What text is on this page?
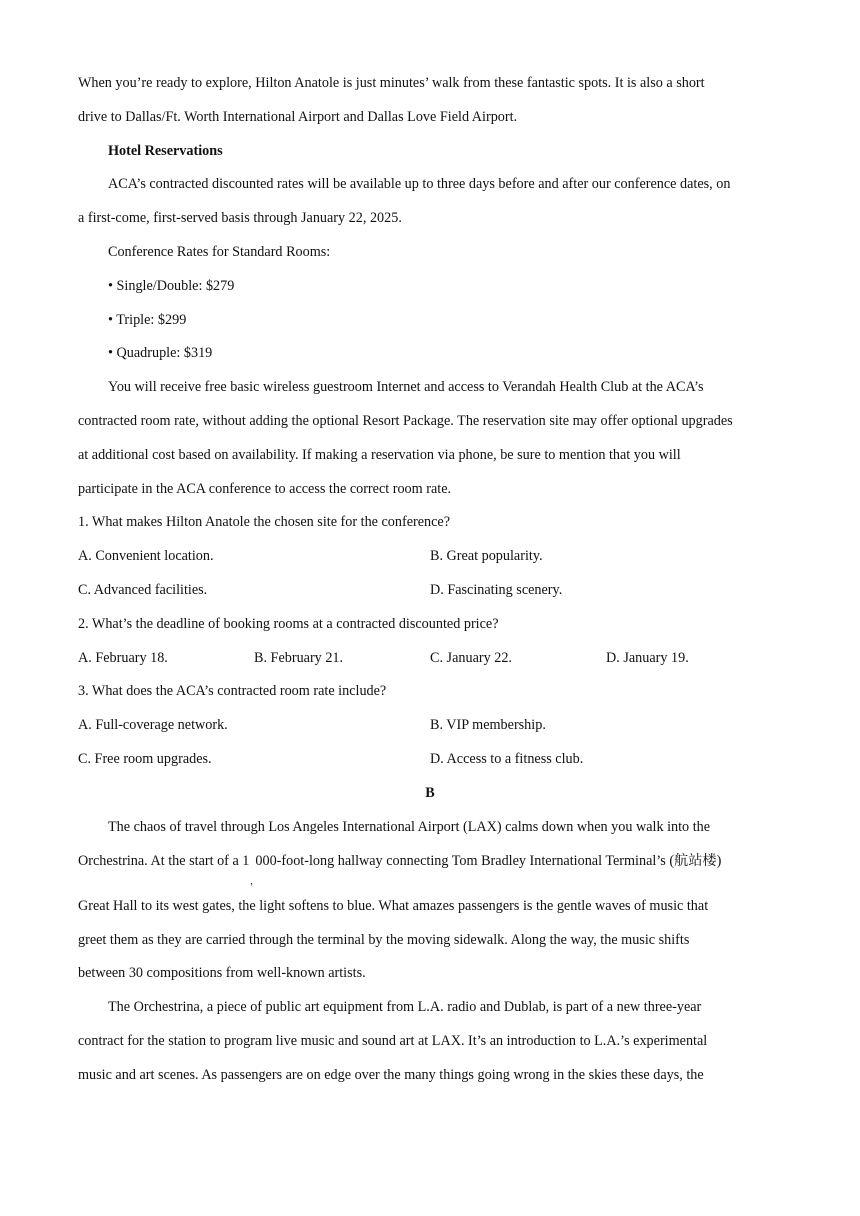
When you’re ready to explore, Hilton Anatole is just minutes’ walk from these fantastic spots. It is also a short
drive to Dallas/Ft. Worth International Airport and Dallas Love Field Airport.
Hotel Reservations
ACA’s contracted discounted rates will be available up to three days before and after our conference dates, on
a first-come, first-served basis through January 22, 2025.
Conference Rates for Standard Rooms:
• Single/Double: $279
• Triple: $299
• Quadruple: $319
You will receive free basic wireless guestroom Internet and access to Verandah Health Club at the ACA’s
contracted room rate, without adding the optional Resort Package. The reservation site may offer optional upgrades
at additional cost based on availability. If making a reservation via phone, be sure to mention that you will
participate in the ACA conference to access the correct room rate.
1. What makes Hilton Anatole the chosen site for the conference?
A. Convenient location.	B. Great popularity.
C. Advanced facilities.	D. Fascinating scenery.
2. What’s the deadline of booking rooms at a contracted discounted price?
A. February 18.	B. February 21.	C. January 22.	D. January 19.
3. What does the ACA’s contracted room rate include?
A. Full-coverage network.	B. VIP membership.
C. Free room upgrades.	D. Access to a fitness club.
B
The chaos of travel through Los Angeles International Airport (LAX) calms down when you walk into the
Orchestrina. At the start of a 1
,
000-foot-long hallway connecting Tom Bradley International Terminal’s (航站楼)
Great Hall to its west gates, the light softens to blue. What amazes passengers is the gentle waves of music that
greet them as they are carried through the terminal by the moving sidewalk. Along the way, the music shifts
between 30 compositions from well-known artists.
The Orchestrina, a piece of public art equipment from L.A. radio and Dublab, is part of a new three-year
contract for the station to program live music and sound art at LAX. It’s an introduction to L.A.’s experimental
music and art scenes. As passengers are on edge over the many things going wrong in the skies these days, the
